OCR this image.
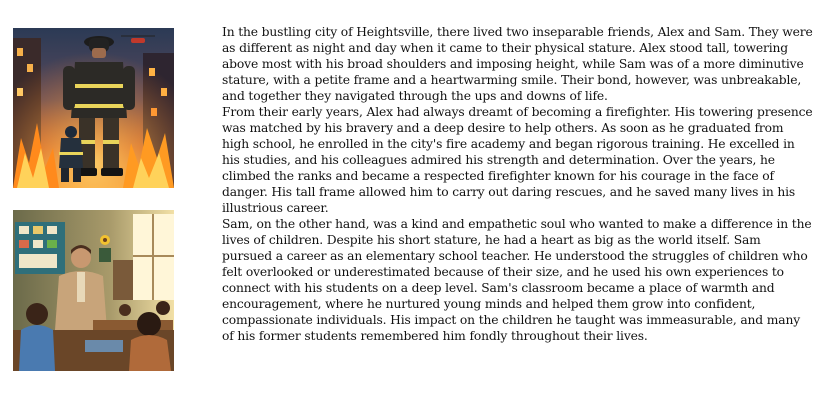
In the bustling city of Heightsville, there lived two inseparable friends, Alex and Sam. They were as different as night and day when it came to their physical stature. Alex stood tall, towering above most with his broad shoulders and imposing height, while Sam was of a more diminutive stature, with a petite frame and a heartwarming smile. Their bond, however, was unbreakable, and together they navigated through the ups and downs of life.

From their early years, Alex had always dreamt of becoming a firefighter. His towering presence was matched by his bravery and a deep desire to help others. As soon as he graduated from high school, he enrolled in the city's fire academy and began rigorous training. He excelled in his studies, and his colleagues admired his strength and determination. Over the years, he climbed the ranks and became a respected firefighter known for his courage in the face of danger. His tall frame allowed him to carry out daring rescues, and he saved many lives in his illustrious career.

Sam, on the other hand, was a kind and empathetic soul who wanted to make a difference in the lives of children. Despite his short stature, he had a heart as big as the world itself. Sam pursued a career as an elementary school teacher. He understood the struggles of children who felt overlooked or underestimated because of their size, and he used his own experiences to connect with his students on a deep level. Sam's classroom became a place of warmth and encouragement, where he nurtured young minds and helped them grow into confident, compassionate individuals. His impact on the children he taught was immeasurable, and many of his former students remembered him fondly throughout their lives.
